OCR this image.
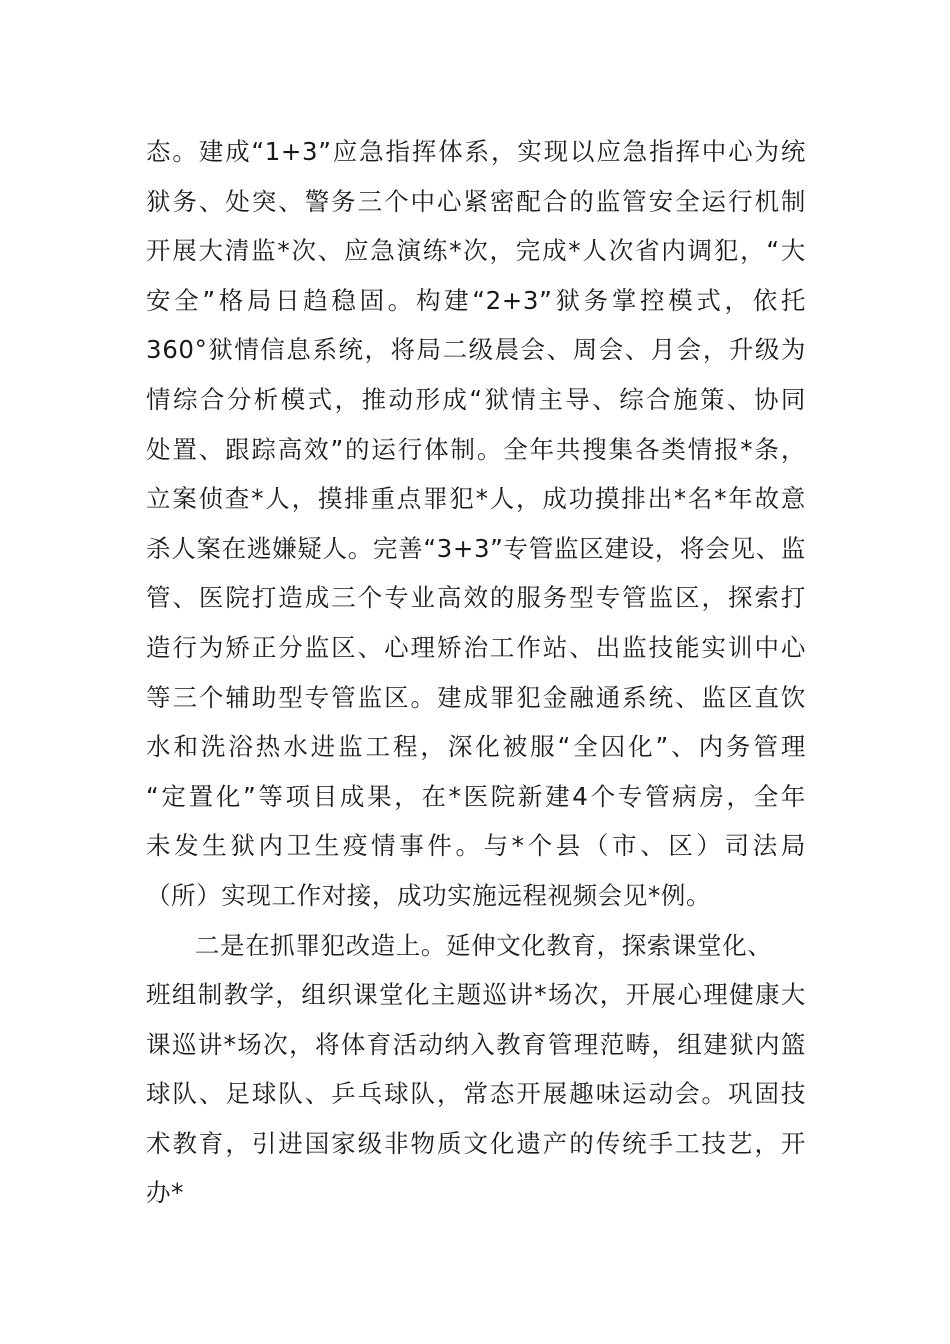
态。建成“1+3”应急指挥体系，实现以应急指挥中心为统
狱务、处突、警务三个中心紧密配合的监管安全运行机制
开展大清监*次、应急演练*次，完成*人次省内调犯，“大
安全”格局日趋稳固。构建“2+3”狱务掌控模式，依托
360°狱情信息系统，将局二级晨会、周会、月会，升级为
情综合分析模式，推动形成“狱情主导、综合施策、协同
处置、跟踪高效”的运行体制。全年共搜集各类情报*条，
立案侦查*人，摸排重点罪犯*人，成功摸排出*名*年故意
杀人案在逃嫌疑人。完善“3+3”专管监区建设，将会见、监
管、医院打造成三个专业高效的服务型专管监区，探索打
造行为矫正分监区、心理矫治工作站、出监技能实训中心
等三个辅助型专管监区。建成罪犯金融通系统、监区直饮
水和洗浴热水进监工程，深化被服“全囚化”、内务管理
“定置化”等项目成果，在*医院新建4个专管病房，全年
未发生狱内卫生疫情事件。与*个县（市、区）司法局
（所）实现工作对接，成功实施远程视频会见*例。
二是在抓罪犯改造上。延伸文化教育，探索课堂化、
班组制教学，组织课堂化主题巡讲*场次，开展心理健康大
课巡讲*场次，将体育活动纳入教育管理范畴，组建狱内篮
球队、足球队、乒乓球队，常态开展趣味运动会。巩固技
术教育，引进国家级非物质文化遗产的传统手工技艺，开
办*
